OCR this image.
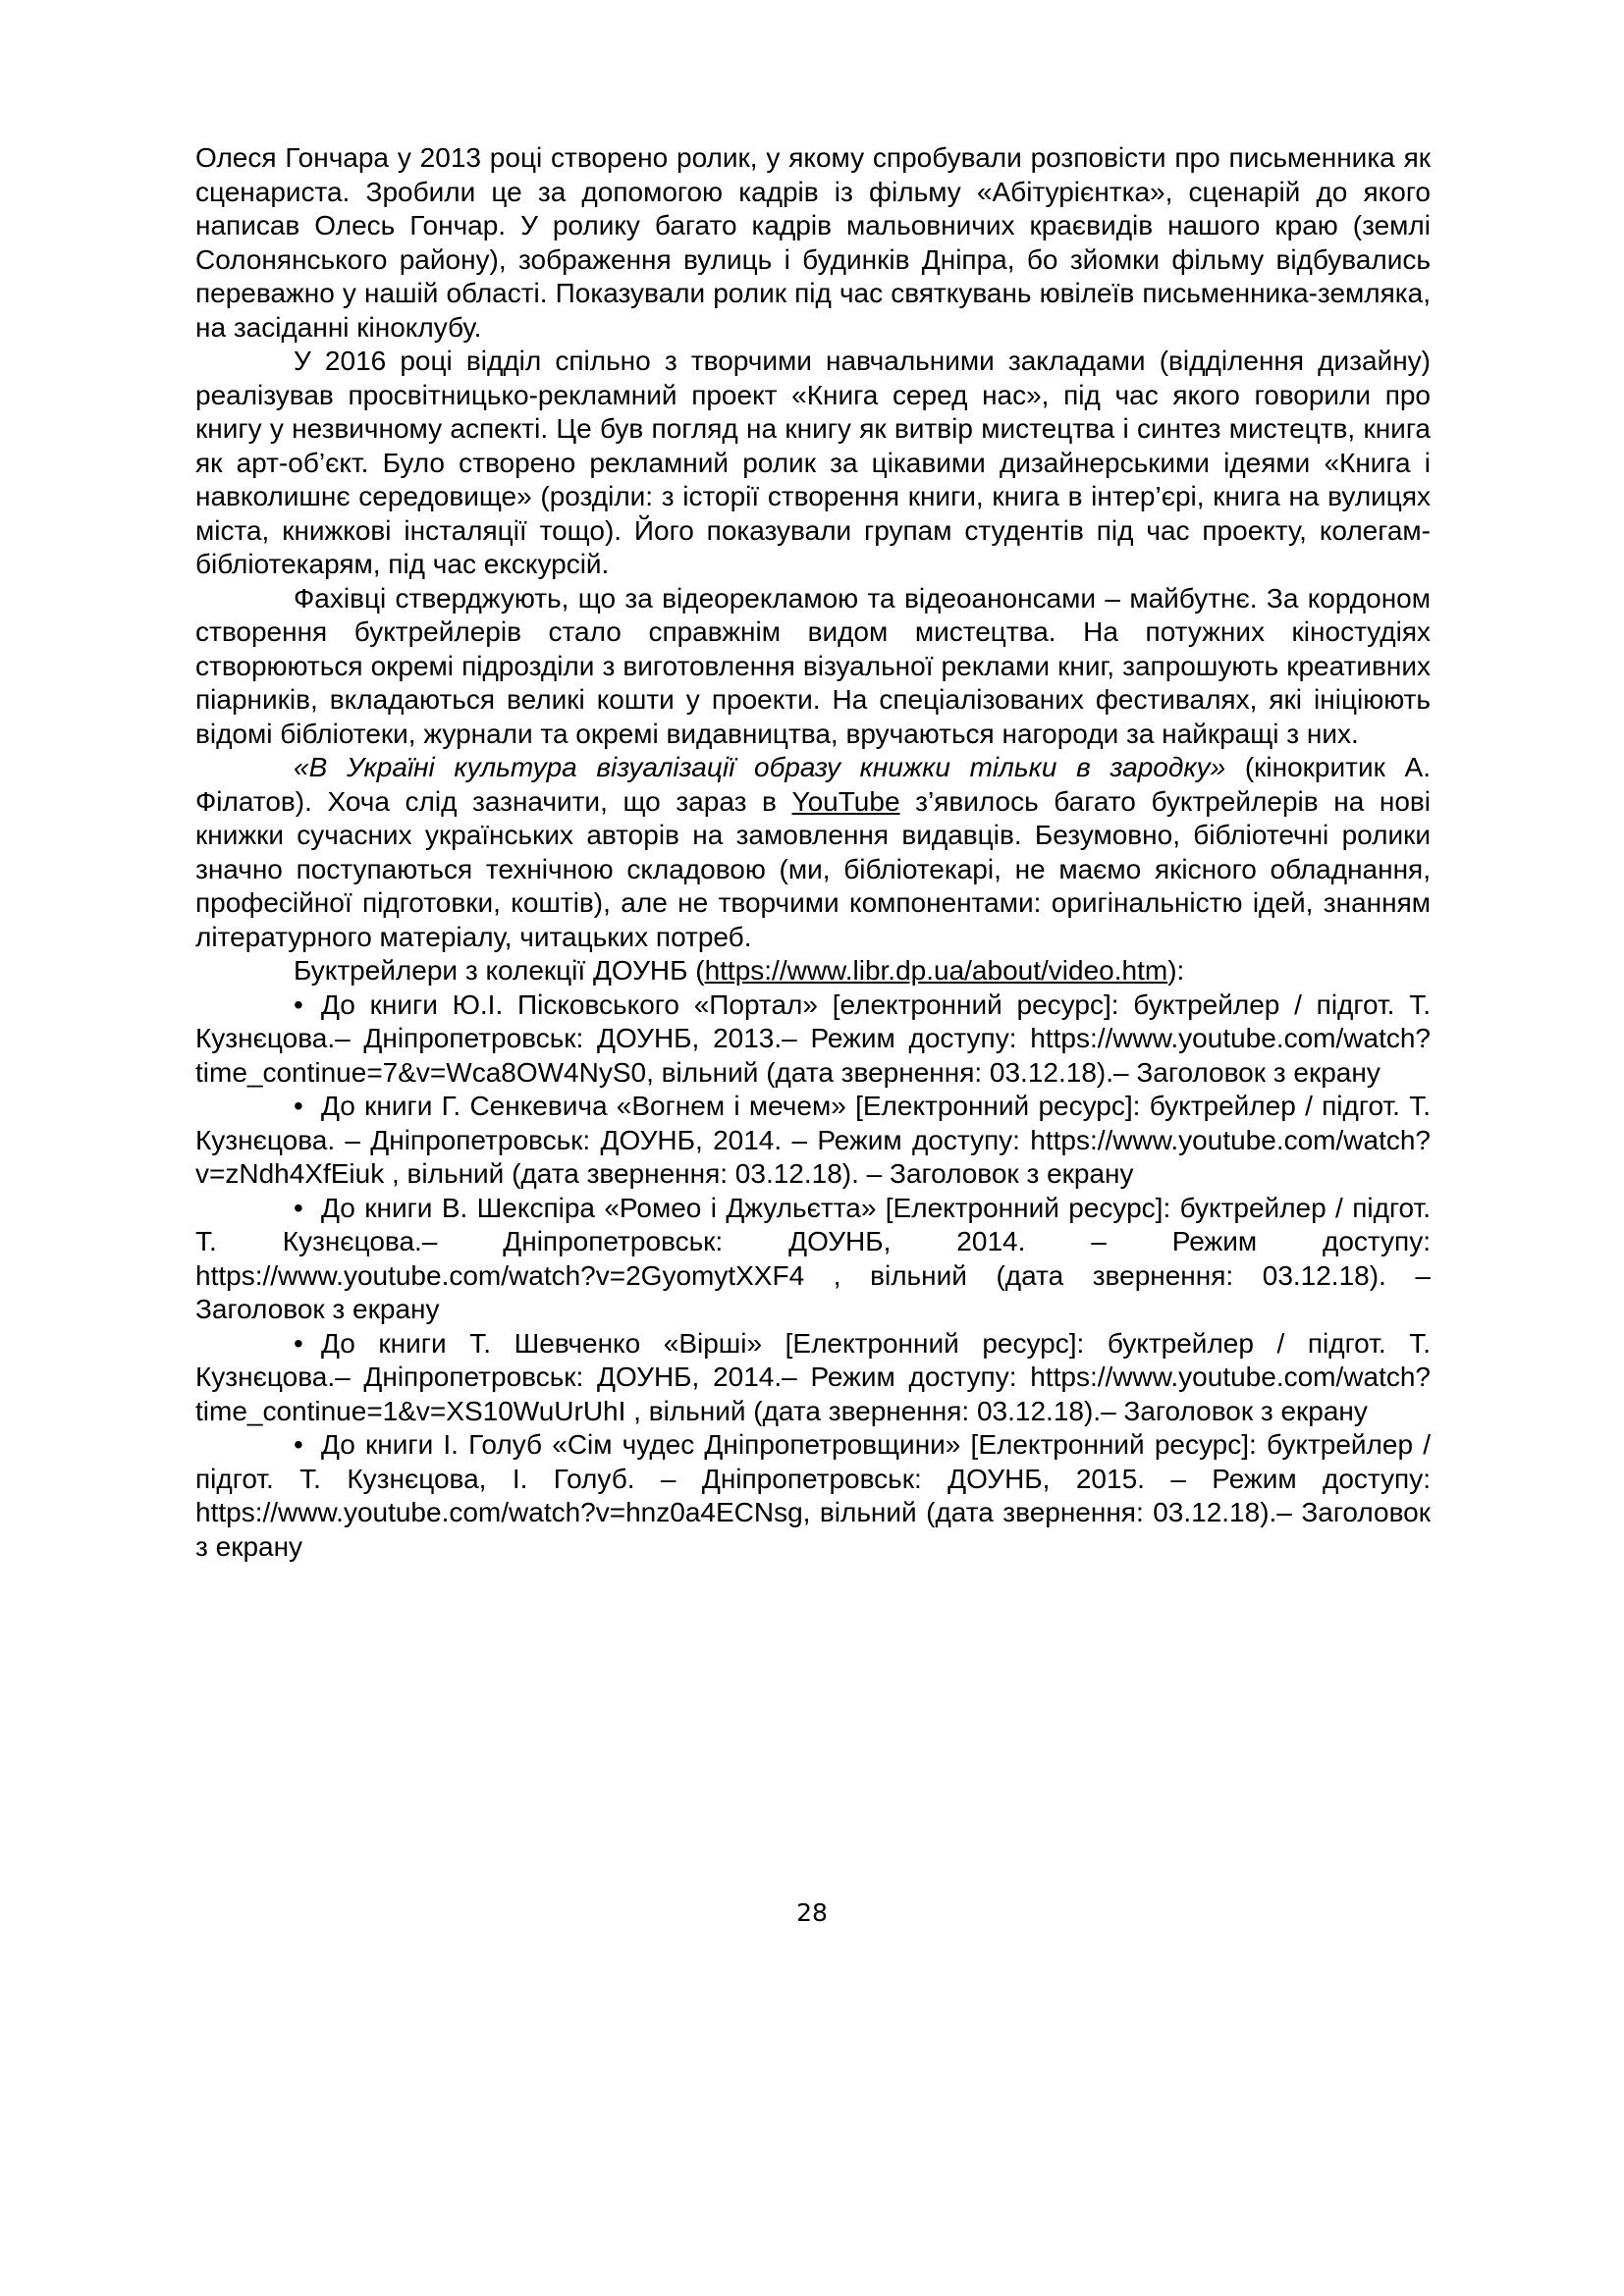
Олеся Гончара у 2013 році створено ролик, у якому спробували розповісти про письменника як сценариста. Зробили це за допомогою кадрів із фільму «Абітурієнтка», сценарій до якого написав Олесь Гончар. У ролику багато кадрів мальовничих краєвидів нашого краю (землі Солонянського району), зображення вулиць і будинків Дніпра, бо зйомки фільму відбувались переважно у нашій області. Показували ролик під час святкувань ювілеїв письменника-земляка, на засіданні кіноклубу.

У 2016 році відділ спільно з творчими навчальними закладами (відділення дизайну) реалізував просвітницько-рекламний проект «Книга серед нас», під час якого говорили про книгу у незвичному аспекті. Це був погляд на книгу як витвір мистецтва і синтез мистецтв, книга як арт-об’єкт. Було створено рекламний ролик за цікавими дизайнерськими ідеями «Книга і навколишнє середовище» (розділи: з історії створення книги, книга в інтер’єрі, книга на вулицях міста, книжкові інсталяції тощо). Його показували групам студентів під час проекту, колегам- бібліотекарям, під час екскурсій.

Фахівці стверджують, що за відеорекламою та відеоанонсами – майбутнє. За кордоном створення буктрейлерів стало справжнім видом мистецтва. На потужних кіностудіях створюються окремі підрозділи з виготовлення візуальної реклами книг, запрошують креативних піарників, вкладаються великі кошти у проекти. На спеціалізованих фестивалях, які ініціюють відомі бібліотеки, журнали та окремі видавництва, вручаються нагороди за найкращі з них.

«В Україні культура візуалізації образу книжки тільки в зародку» (кінокритик А. Філатов). Хоча слід зазначити, що зараз в YouTube з’явилось багато буктрейлерів на нові книжки сучасних українських авторів на замовлення видавців. Безумовно, бібліотечні ролики значно поступаються технічною складовою (ми, бібліотекарі, не маємо якісного обладнання, професійної підготовки, коштів), але не творчими компонентами: оригінальністю ідей, знанням літературного матеріалу, читацьких потреб.

Буктрейлери з колекції ДОУНБ (https://www.libr.dp.ua/about/video.htm):

• До книги Ю.І. Пісковського «Портал» [електронний ресурс]: буктрейлер / підгот. Т. Кузнєцова.– Дніпропетровськ: ДОУНБ, 2013.– Режим доступу: https://www.youtube.com/watch?time_continue=7&v=Wca8OW4NyS0, вільний (дата звернення: 03.12.18).– Заголовок з екрану

• До книги Г. Сенкевича «Вогнем і мечем» [Електронний ресурс]: буктрейлер / підгот. Т. Кузнєцова. – Дніпропетровськ: ДОУНБ, 2014. – Режим доступу: https://www.youtube.com/watch?v=zNdh4XfEiuk , вільний (дата звернення: 03.12.18). – Заголовок з екрану

• До книги В. Шекспіра «Ромео і Джульєтта» [Електронний ресурс]: буктрейлер / підгот. Т. Кузнєцова.– Дніпропетровськ: ДОУНБ, 2014. – Режим доступу: https://www.youtube.com/watch?v=2GyomytXXF4 , вільний (дата звернення: 03.12.18). – Заголовок з екрану

• До книги Т. Шевченко «Вірші» [Електронний ресурс]: буктрейлер / підгот. Т. Кузнєцова.– Дніпропетровськ: ДОУНБ, 2014.– Режим доступу: https://www.youtube.com/watch?time_continue=1&v=XS10WuUrUhI , вільний (дата звернення: 03.12.18).– Заголовок з екрану

• До книги І. Голуб «Сім чудес Дніпропетровщини» [Електронний ресурс]: буктрейлер / підгот. Т. Кузнєцова, І. Голуб. – Дніпропетровськ: ДОУНБ, 2015. – Режим доступу: https://www.youtube.com/watch?v=hnz0a4ECNsg, вільний (дата звернення: 03.12.18).– Заголовок з екрану

28
